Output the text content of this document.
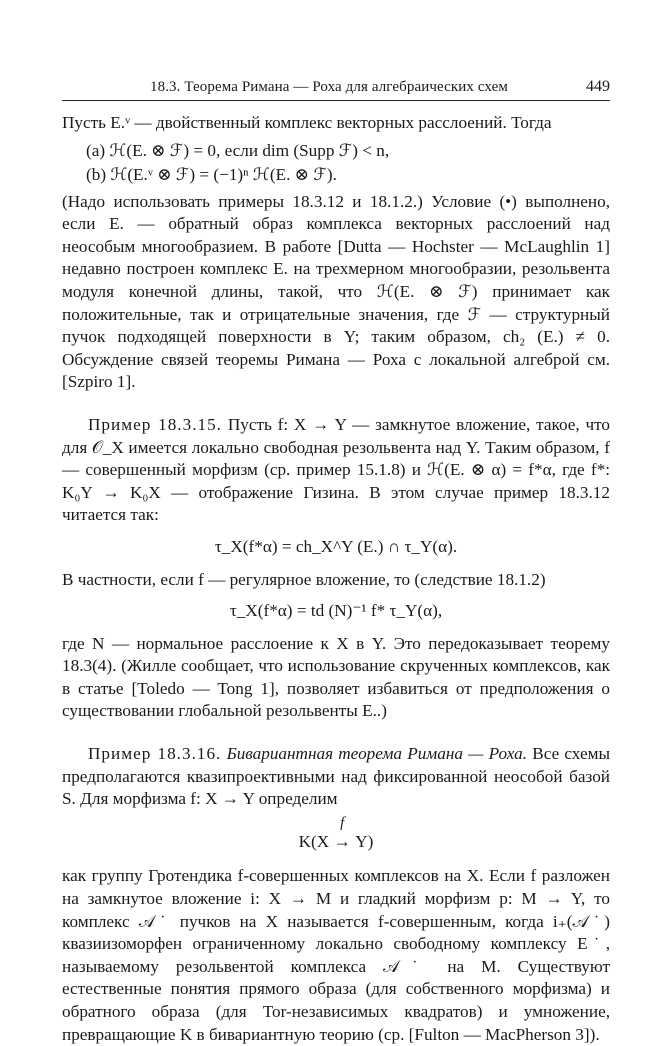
18.3. Теорема Римана — Роха для алгебраических схем	449

Пусть E.ᵛ — двойственный комплекс векторных расслоений. Тогда

(a) ℋ(E. ⊗ ℱ) = 0, если dim (Supp ℱ) < n,
(b) ℋ(E.ᵛ ⊗ ℱ) = (−1)ⁿ ℋ(E. ⊗ ℱ).

(Надо использовать примеры 18.3.12 и 18.1.2.) Условие (•) выполнено, если E. — обратный образ комплекса векторных расслоений над неособым многообразием. В работе [Dutta — Hochster — McLaughlin 1] недавно построен комплекс E. на трехмерном многообразии, резольвента модуля конечной длины, такой, что ℋ(E. ⊗ ℱ) принимает как положительные, так и отрицательные значения, где ℱ — структурный пучок подходящей поверхности в Y; таким образом, ch₂ (E.) ≠ 0. Обсуждение связей теоремы Римана — Роха с локальной алгеброй см. [Szpiro 1].

Пример 18.3.15. Пусть f: X → Y — замкнутое вложение, такое, что для 𝒪_X имеется локально свободная резольвента над Y. Таким образом, f — совершенный морфизм (ср. пример 15.1.8) и ℋ(E. ⊗ α) = f*α, где f*: K₀Y → K₀X — отображение Гизина. В этом случае пример 18.3.12 читается так:

τ_X(f*α) = ch_X^Y (E.) ∩ τ_Y(α).

В частности, если f — регулярное вложение, то (следствие 18.1.2)

τ_X(f*α) = td (N)⁻¹ f* τ_Y(α),

где N — нормальное расслоение к X в Y. Это передоказывает теорему 18.3(4). (Жилле сообщает, что использование скрученных комплексов, как в статье [Toledo — Tong 1], позволяет избавиться от предположения о существовании глобальной резольвенты E..)

Пример 18.3.16. Бивариантная теорема Римана — Роха. Все схемы предполагаются квазипроективными над фиксированной неособой базой S. Для морфизма f: X → Y определим

K(X
f
→ Y)

как группу Гротендика f-совершенных комплексов на X. Если f разложен на замкнутое вложение i: X → M и гладкий морфизм p: M → Y, то комплекс 𝒜˙ пучков на X называется f-совершенным, когда i₊(𝒜˙) квазиизоморфен ограниченному локально свободному комплексу E˙, называемому резольвентой комплекса 𝒜˙ на M. Существуют естественные понятия прямого образа (для собственного морфизма) и обратного образа (для Tor-независимых квадратов) и умножение, превращающие K в бивариантную теорию (ср. [Fulton — MacPherson 3]).
